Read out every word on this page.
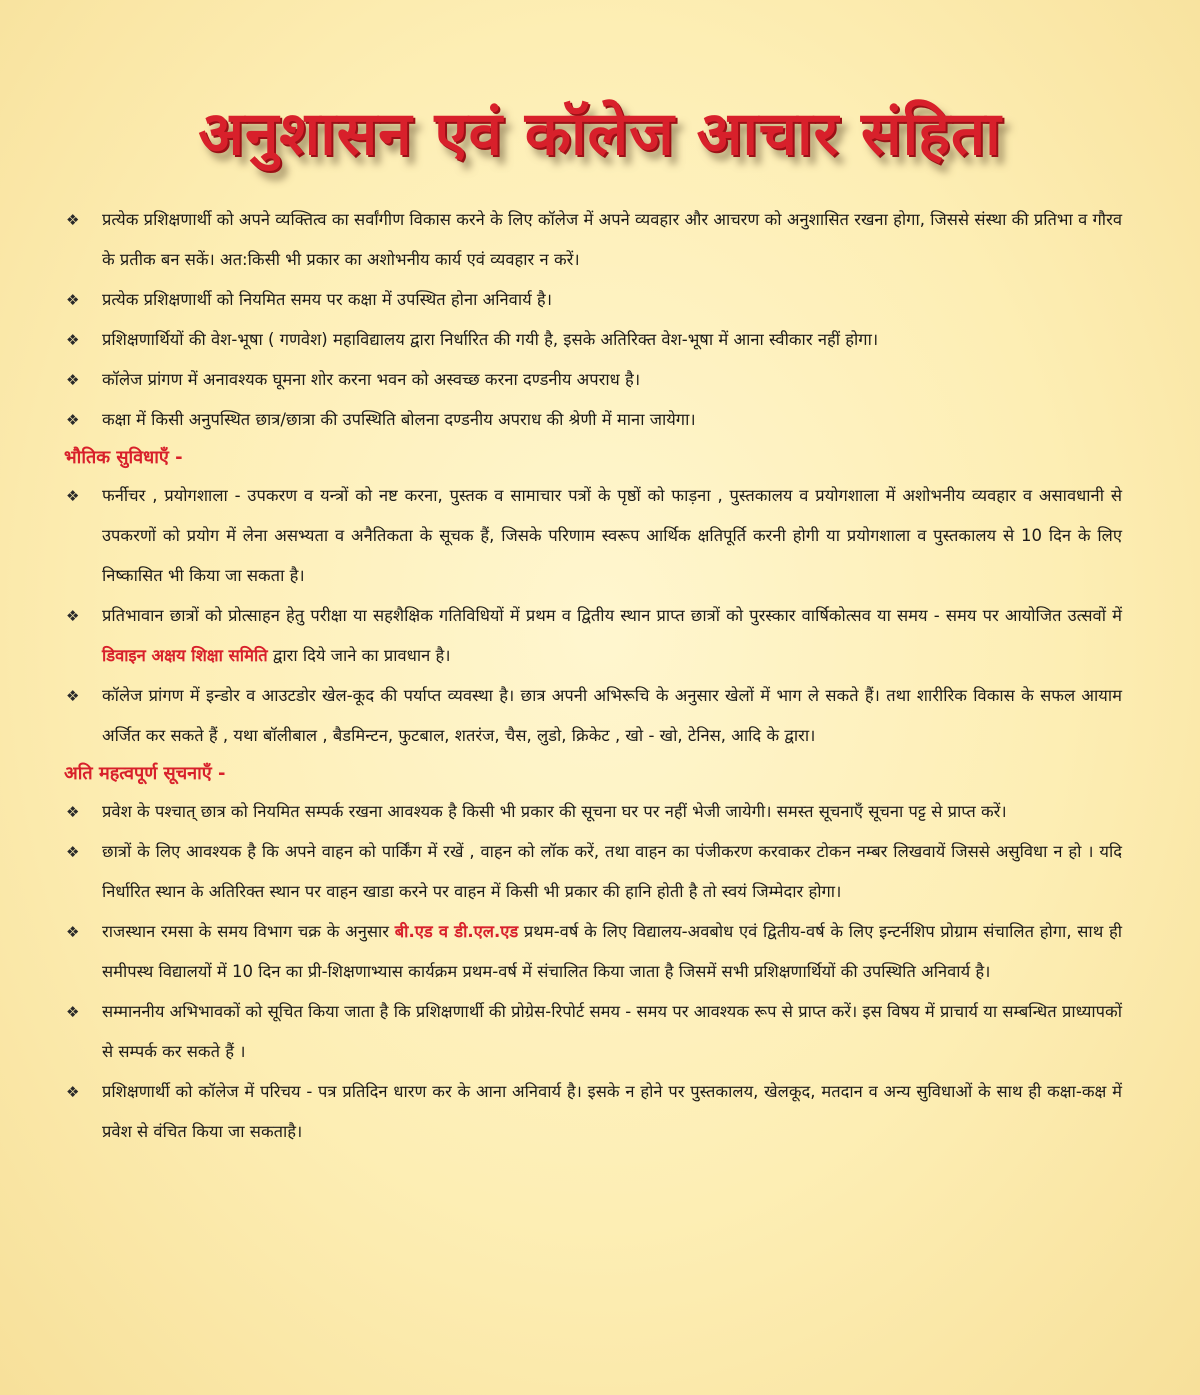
अनुशासन एवं कॉलेज आचार संहिता
❖ प्रत्येक प्रशिक्षणार्थी को अपने व्यक्तित्व का सर्वांगीण विकास करने के लिए कॉलेज में अपने व्यवहार और आचरण को अनुशासित रखना होगा, जिससे संस्था की प्रतिभा व गौरव के प्रतीक बन सकें। अत:किसी भी प्रकार का अशोभनीय कार्य एवं व्यवहार न करें।
❖ प्रत्येक प्रशिक्षणार्थी को नियमित समय पर कक्षा में उपस्थित होना अनिवार्य है।
❖ प्रशिक्षणार्थियों की वेश-भूषा ( गणवेश) महाविद्यालय द्वारा निर्धारित की गयी है, इसके अतिरिक्त वेश-भूषा में आना स्वीकार नहीं होगा।
❖ कॉलेज प्रांगण में अनावश्यक घूमना शोर करना भवन को अस्वच्छ करना दण्डनीय अपराध है।
❖ कक्षा में किसी अनुपस्थित छात्र/छात्रा की उपस्थिति बोलना दण्डनीय अपराध की श्रेणी में माना जायेगा।
भौतिक सुविधाएँ -
❖ फर्नीचर , प्रयोगशाला - उपकरण व यन्त्रों को नष्ट करना, पुस्तक व सामाचार पत्रों के पृष्ठों को फाड़ना , पुस्तकालय व प्रयोगशाला में अशोभनीय व्यवहार व असावधानी से उपकरणों को प्रयोग में लेना असभ्यता व अनैतिकता के सूचक हैं, जिसके परिणाम स्वरूप आर्थिक क्षतिपूर्ति करनी होगी या प्रयोगशाला व पुस्तकालय से 10 दिन के लिए निष्कासित भी किया जा सकता है।
❖ प्रतिभावान छात्रों को प्रोत्साहन हेतु परीक्षा या सहशैक्षिक गतिविधियों में प्रथम व द्वितीय स्थान प्राप्त छात्रों को पुरस्कार वार्षिकोत्सव या समय - समय पर आयोजित उत्सवों में डिवाइन अक्षय शिक्षा समिति द्वारा दिये जाने का प्रावधान है।
❖ कॉलेज प्रांगण में इन्डोर व आउटडोर खेल-कूद की पर्याप्त व्यवस्था है। छात्र अपनी अभिरूचि के अनुसार खेलों में भाग ले सकते हैं। तथा शारीरिक विकास के सफल आयाम अर्जित कर सकते हैं , यथा बॉलीबाल , बैडमिन्टन, फुटबाल, शतरंज, चैस, लुडो, क्रिकेट , खो - खो, टेनिस, आदि के द्वारा।
अति महत्वपूर्ण सूचनाएँ -
❖ प्रवेश के पश्चात् छात्र को नियमित सम्पर्क रखना आवश्यक है किसी भी प्रकार की सूचना घर पर नहीं भेजी जायेगी। समस्त सूचनाएँ सूचना पट्ट से प्राप्त करें।
❖ छात्रों के लिए आवश्यक है कि अपने वाहन को पार्किंग में रखें , वाहन को लॉक करें, तथा वाहन का पंजीकरण करवाकर टोकन नम्बर लिखवायें जिससे असुविधा न हो । यदि निर्धारित स्थान के अतिरिक्त स्थान पर वाहन खाडा करने पर वाहन में किसी भी प्रकार की हानि होती है तो स्वयं जिम्मेदार होगा।
❖ राजस्थान रमसा के समय विभाग चक्र के अनुसार बी.एड व डी.एल.एड प्रथम-वर्ष के लिए विद्यालय-अवबोध एवं द्वितीय-वर्ष के लिए इन्टर्नशिप प्रोग्राम संचालित होगा, साथ ही समीपस्थ विद्यालयों में 10 दिन का प्री-शिक्षणाभ्यास कार्यक्रम प्रथम-वर्ष में संचालित किया जाता है जिसमें सभी प्रशिक्षणार्थियों की उपस्थिति अनिवार्य है।
❖ सम्माननीय अभिभावकों को सूचित किया जाता है कि प्रशिक्षणार्थी की प्रोग्रेस-रिपोर्ट समय - समय पर आवश्यक रूप से प्राप्त करें। इस विषय में प्राचार्य या सम्बन्धित प्राध्यापकों से सम्पर्क कर सकते हैं ।
❖ प्रशिक्षणार्थी को कॉलेज में परिचय - पत्र प्रतिदिन धारण कर के आना अनिवार्य है। इसके न होने पर पुस्तकालय, खेलकूद, मतदान व अन्य सुविधाओं के साथ ही कक्षा-कक्ष में प्रवेश से वंचित किया जा सकताहै।
